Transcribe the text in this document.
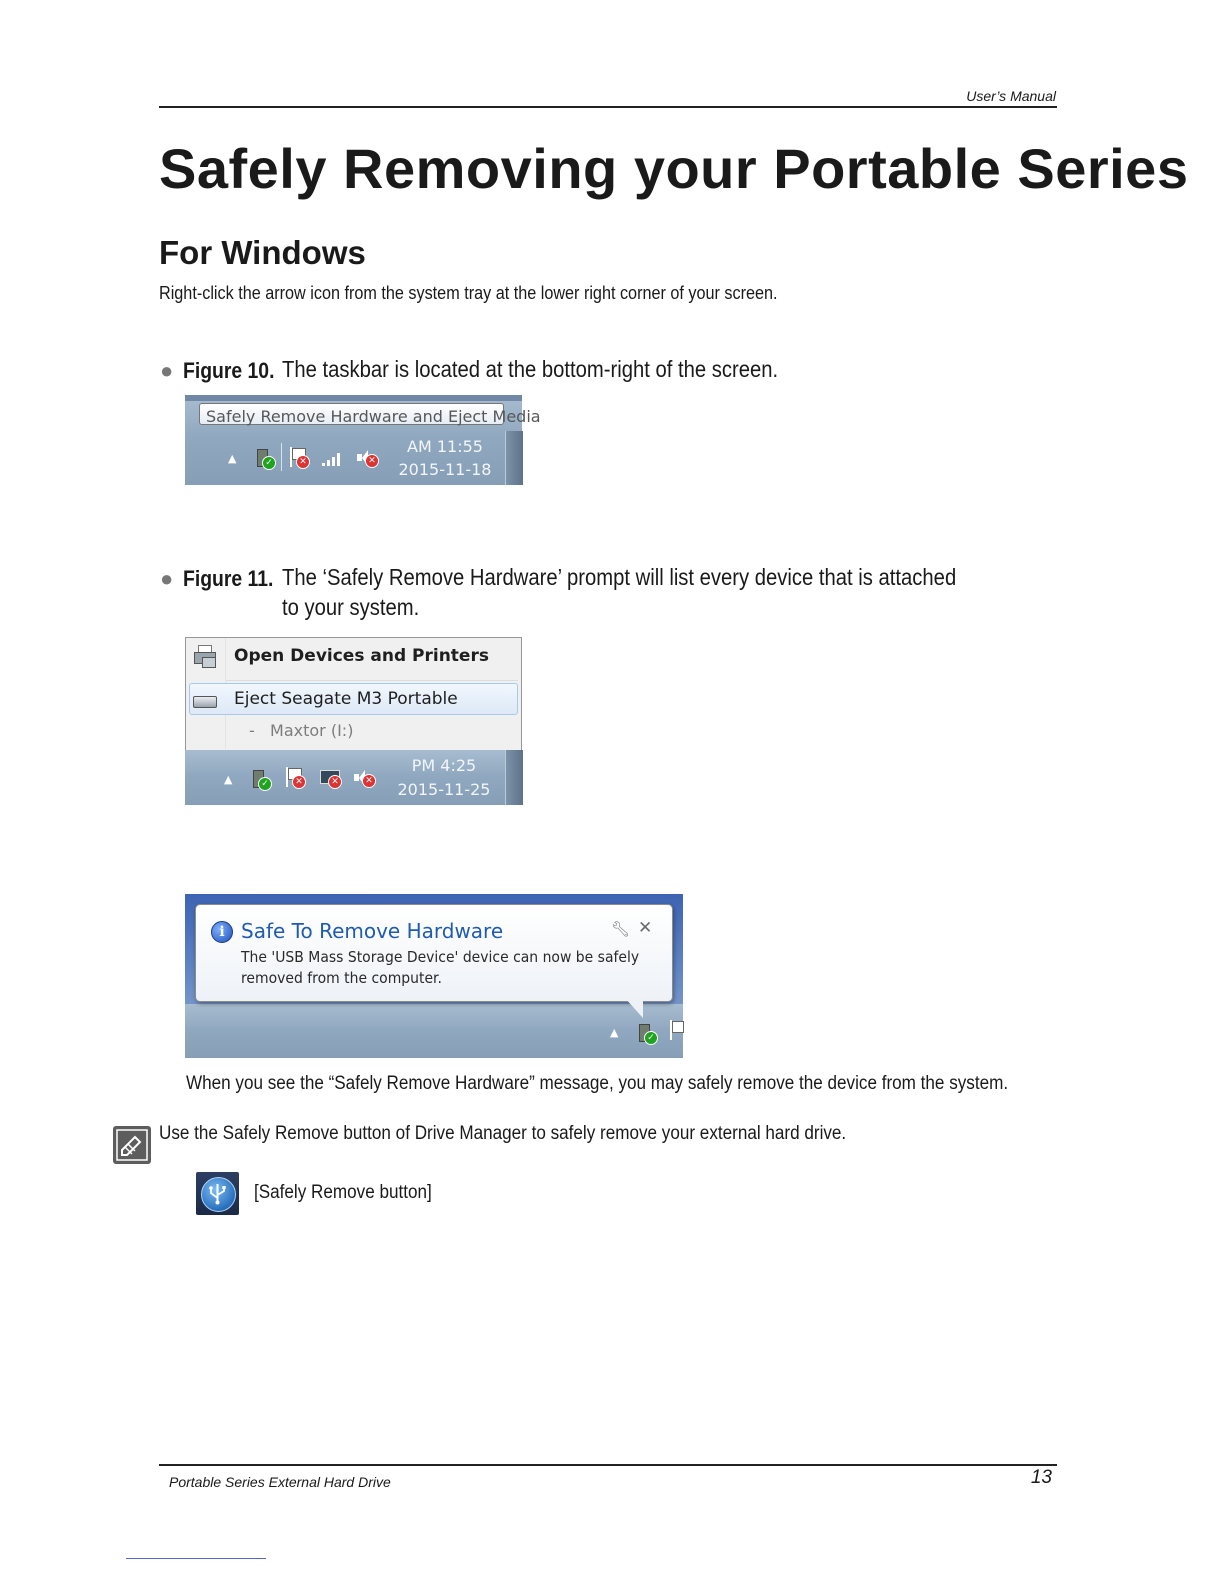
User’s Manual
Safely Removing your Portable Series
For Windows
Right-click the arrow icon from the system tray at the lower right corner of your screen.
● Figure 10. The taskbar is located at the bottom-right of the screen.
Safely Remove Hardware and Eject Media
▲	✓	✕	✕
AM 11:55
2015-11-18
● Figure 11. The ‘Safely Remove Hardware’ prompt will list every device that is attached
to your system.
Open Devices and Printers
Eject Seagate M3 Portable
-   Maxtor (I:)
▲	✓	✕	✕	✕
PM 4:25
2015-11-25
i Safe To Remove Hardware	🔧︎ ✕
The 'USB Mass Storage Device' device can now be safely
removed from the computer.
▲	✓
When you see the “Safely Remove Hardware” message, you may safely remove the device from the system.
Use the Safely Remove button of Drive Manager to safely remove your external hard drive.
[Safely Remove button]
Portable Series External Hard Drive	13
